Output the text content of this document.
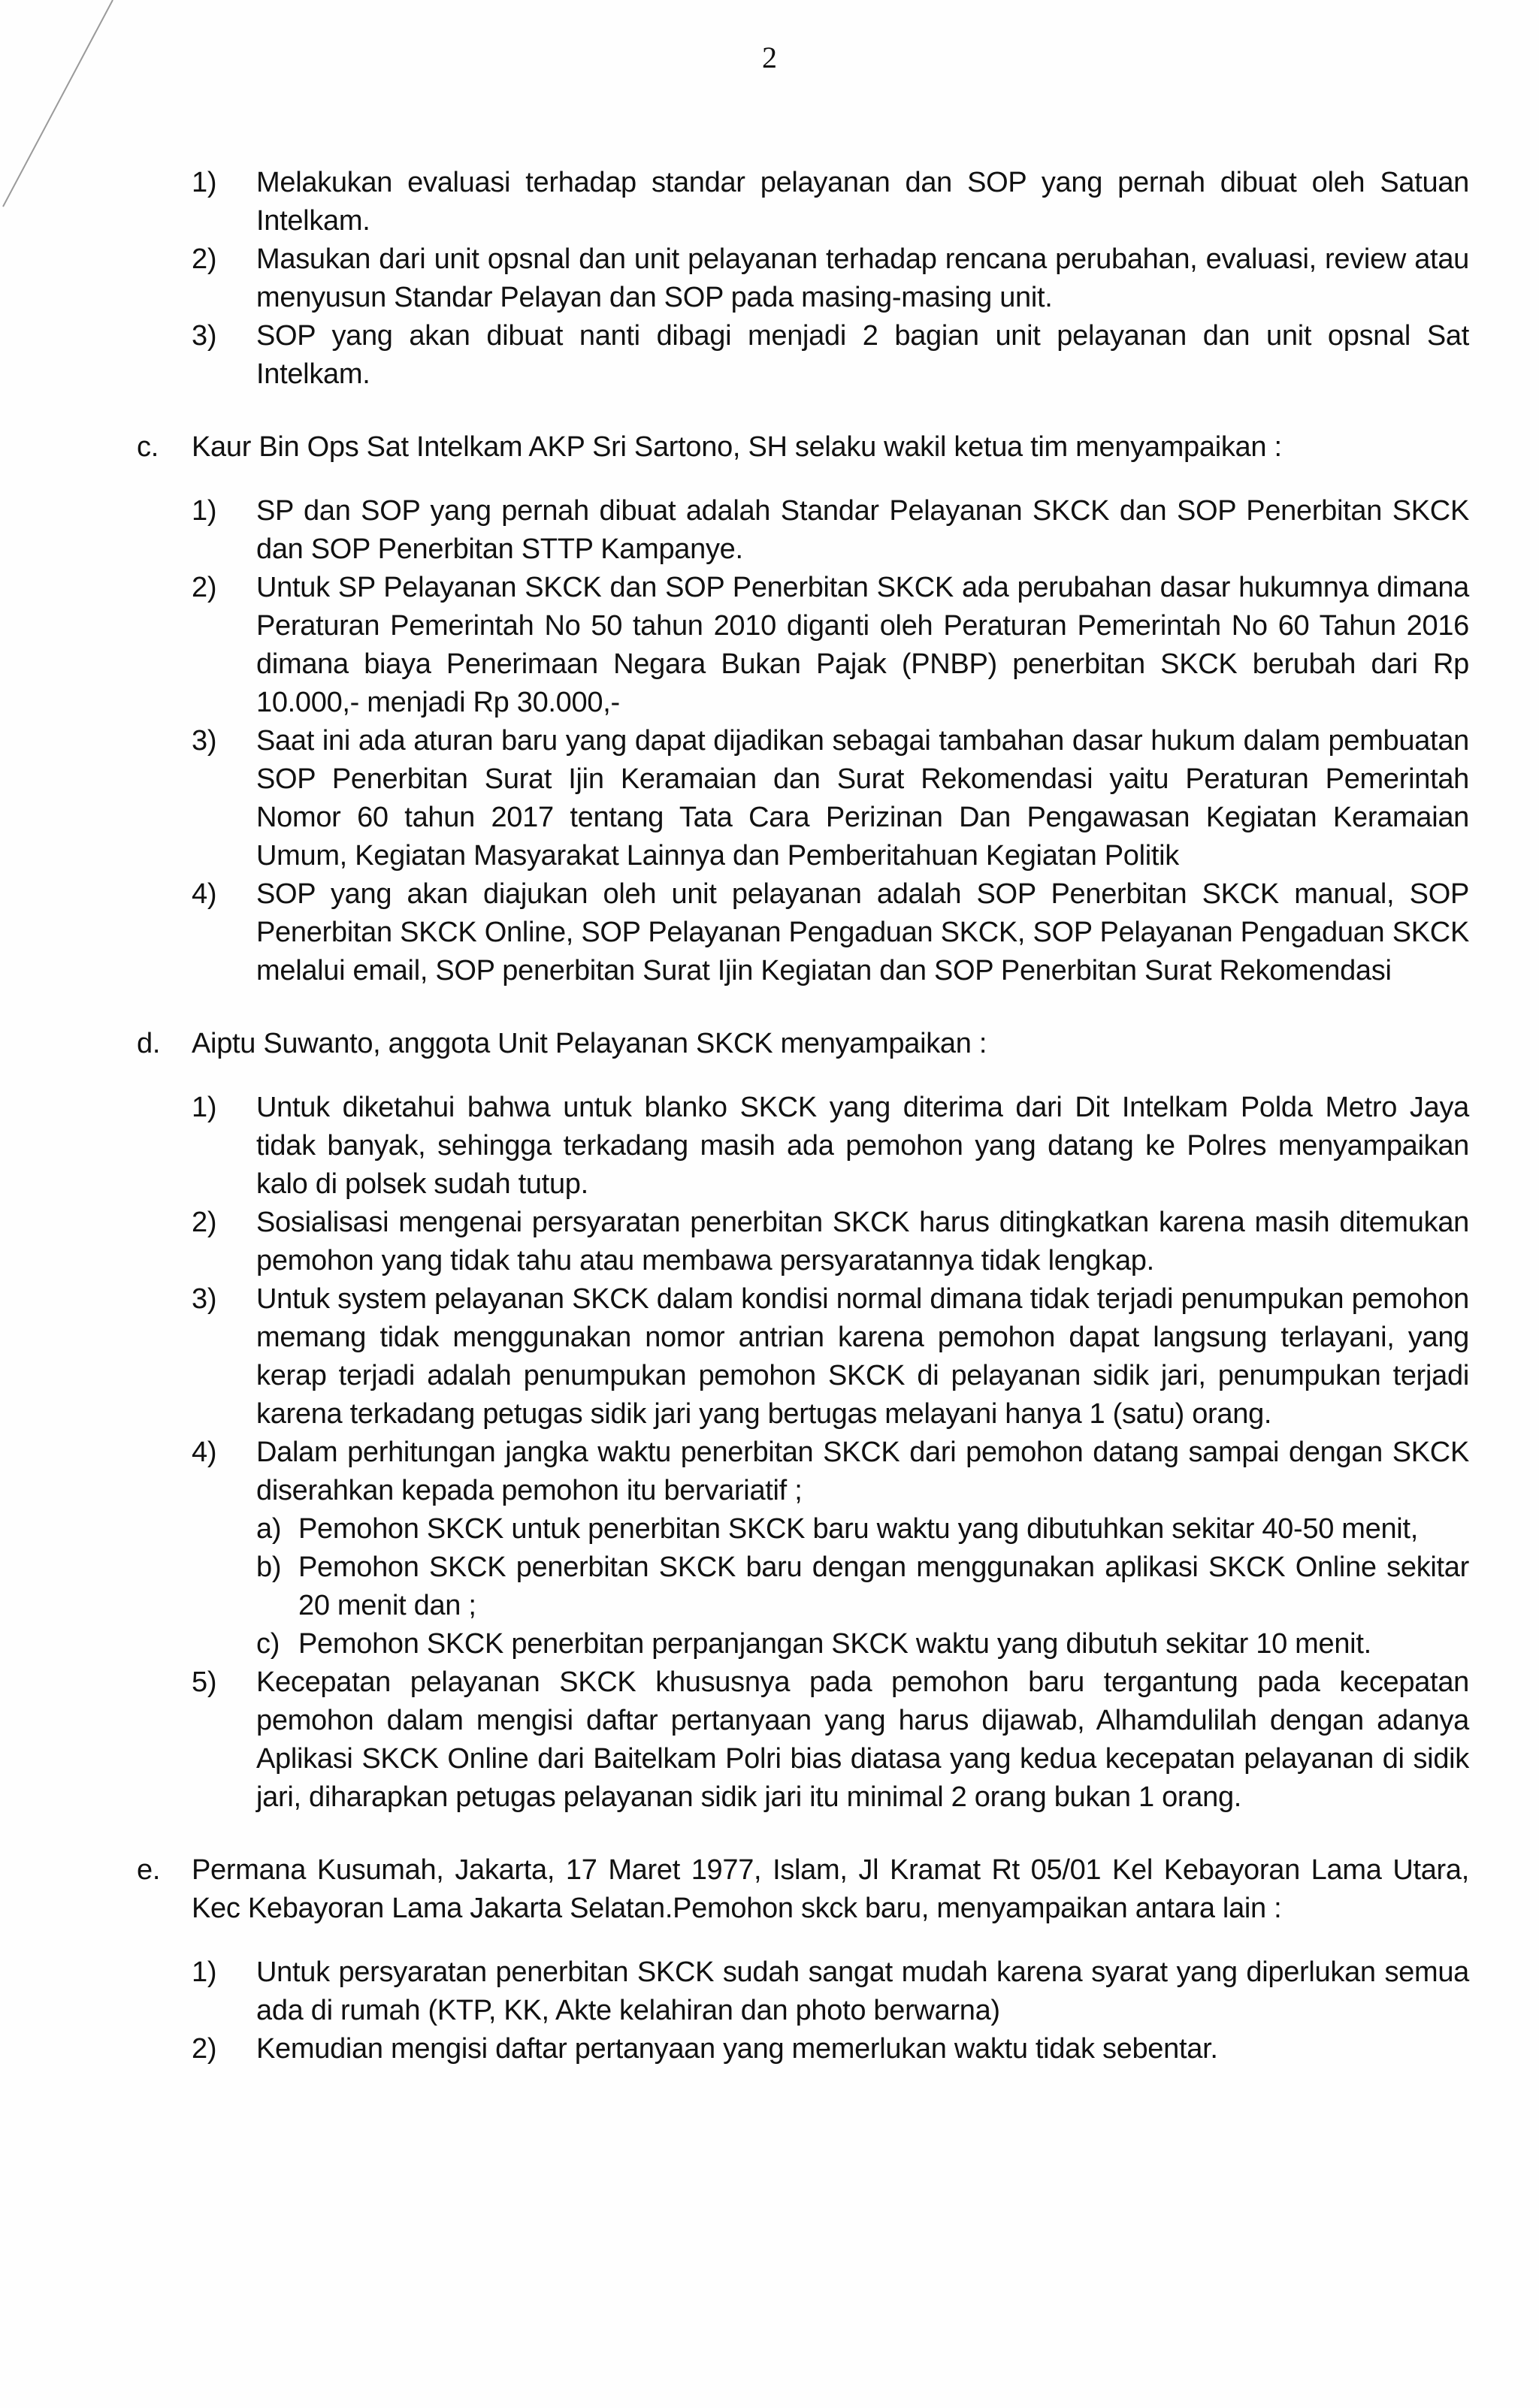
2
1)	Melakukan evaluasi terhadap standar pelayanan dan SOP yang pernah dibuat oleh Satuan Intelkam.
2)	Masukan dari unit opsnal dan unit pelayanan terhadap rencana perubahan, evaluasi, review atau menyusun Standar Pelayan dan SOP pada masing-masing unit.
3)	SOP yang akan dibuat nanti dibagi menjadi 2 bagian unit pelayanan dan unit opsnal Sat Intelkam.
c.	Kaur Bin Ops Sat Intelkam AKP Sri Sartono, SH selaku wakil ketua tim menyampaikan :
1)	SP dan SOP yang pernah dibuat adalah Standar Pelayanan SKCK dan SOP Penerbitan SKCK dan SOP Penerbitan STTP Kampanye.
2)	Untuk SP Pelayanan SKCK dan SOP Penerbitan SKCK ada perubahan dasar hukumnya dimana Peraturan Pemerintah No 50 tahun 2010 diganti oleh Peraturan Pemerintah No 60 Tahun 2016 dimana biaya Penerimaan Negara Bukan Pajak (PNBP) penerbitan SKCK berubah dari Rp 10.000,- menjadi Rp 30.000,-
3)	Saat ini ada aturan baru yang dapat dijadikan sebagai tambahan dasar hukum dalam pembuatan SOP Penerbitan Surat Ijin Keramaian dan Surat Rekomendasi yaitu Peraturan Pemerintah Nomor 60 tahun 2017 tentang Tata Cara Perizinan Dan Pengawasan Kegiatan Keramaian Umum, Kegiatan Masyarakat Lainnya dan Pemberitahuan Kegiatan Politik
4)	SOP yang akan diajukan oleh unit pelayanan adalah SOP Penerbitan SKCK manual, SOP Penerbitan SKCK Online, SOP Pelayanan Pengaduan SKCK, SOP Pelayanan Pengaduan SKCK melalui email, SOP penerbitan Surat Ijin Kegiatan dan SOP Penerbitan Surat Rekomendasi
d.	Aiptu Suwanto, anggota Unit Pelayanan SKCK menyampaikan :
1)	Untuk diketahui bahwa untuk blanko SKCK yang diterima dari Dit Intelkam Polda Metro Jaya tidak banyak, sehingga terkadang masih ada pemohon yang datang ke Polres menyampaikan kalo di polsek sudah tutup.
2)	Sosialisasi mengenai persyaratan penerbitan SKCK harus ditingkatkan karena masih ditemukan pemohon yang tidak tahu atau membawa persyaratannya tidak lengkap.
3)	Untuk system pelayanan SKCK dalam kondisi normal dimana tidak terjadi penumpukan pemohon memang tidak menggunakan nomor antrian karena pemohon dapat langsung terlayani, yang kerap terjadi adalah penumpukan pemohon SKCK di pelayanan sidik jari, penumpukan terjadi karena terkadang petugas sidik jari yang bertugas melayani hanya 1 (satu) orang.
4)	Dalam perhitungan jangka waktu penerbitan SKCK dari pemohon datang sampai dengan SKCK diserahkan kepada pemohon itu bervariatif ;
a) Pemohon SKCK untuk penerbitan SKCK baru waktu yang dibutuhkan sekitar 40-50 menit,
b) Pemohon SKCK penerbitan SKCK baru dengan menggunakan aplikasi SKCK Online sekitar 20 menit dan ;
c) Pemohon SKCK penerbitan perpanjangan SKCK waktu yang dibutuh sekitar 10 menit.
5)	Kecepatan pelayanan SKCK khususnya pada pemohon baru tergantung pada kecepatan pemohon dalam mengisi daftar pertanyaan yang harus dijawab, Alhamdulilah dengan adanya Aplikasi SKCK Online dari Baitelkam Polri bias diatasa yang kedua kecepatan pelayanan di sidik jari, diharapkan petugas pelayanan sidik jari itu minimal 2 orang bukan 1 orang.
e.	Permana Kusumah, Jakarta, 17 Maret 1977, Islam, Jl Kramat Rt 05/01 Kel Kebayoran Lama Utara, Kec Kebayoran Lama Jakarta Selatan.Pemohon skck baru, menyampaikan antara lain :
1)	Untuk persyaratan penerbitan SKCK sudah sangat mudah karena syarat yang diperlukan semua ada di rumah (KTP, KK, Akte kelahiran dan photo berwarna)
2)	Kemudian mengisi daftar pertanyaan yang memerlukan waktu tidak sebentar.
